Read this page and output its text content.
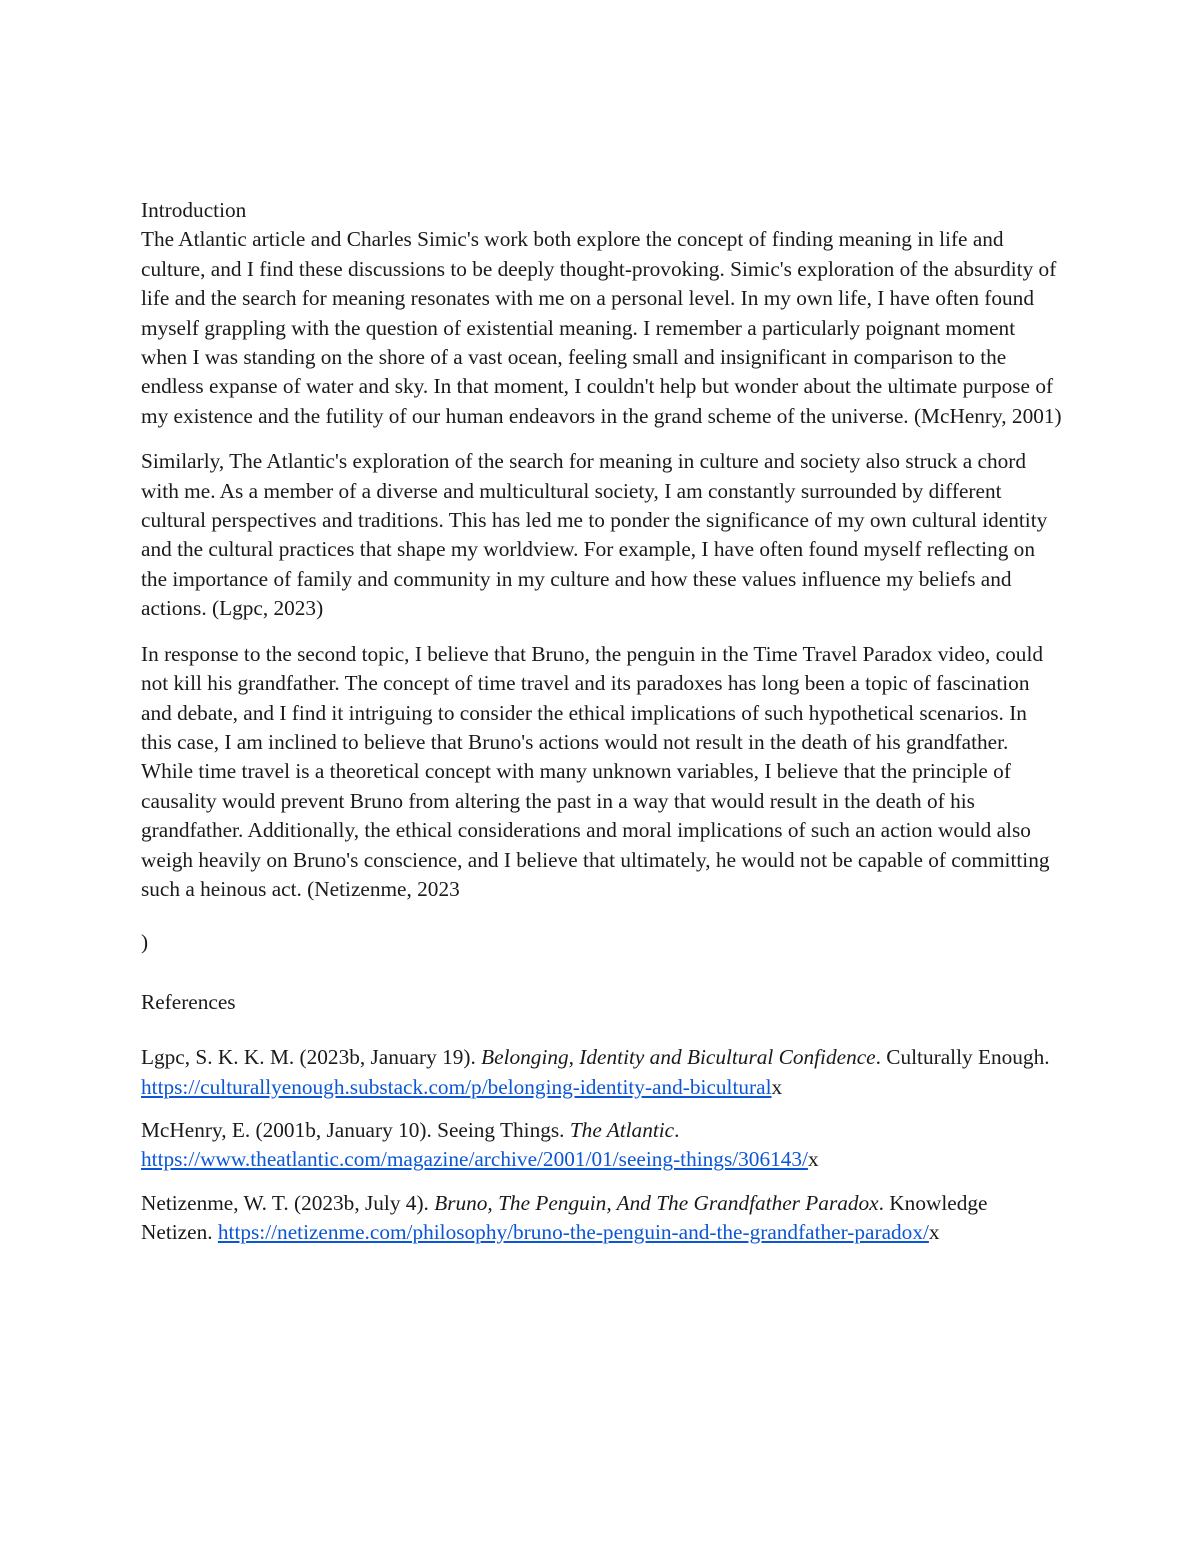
Introduction

The Atlantic article and Charles Simic's work both explore the concept of finding meaning in life and culture, and I find these discussions to be deeply thought-provoking. Simic's exploration of the absurdity of life and the search for meaning resonates with me on a personal level. In my own life, I have often found myself grappling with the question of existential meaning. I remember a particularly poignant moment when I was standing on the shore of a vast ocean, feeling small and insignificant in comparison to the endless expanse of water and sky. In that moment, I couldn't help but wonder about the ultimate purpose of my existence and the futility of our human endeavors in the grand scheme of the universe. (McHenry, 2001)

Similarly, The Atlantic's exploration of the search for meaning in culture and society also struck a chord with me. As a member of a diverse and multicultural society, I am constantly surrounded by different cultural perspectives and traditions. This has led me to ponder the significance of my own cultural identity and the cultural practices that shape my worldview. For example, I have often found myself reflecting on the importance of family and community in my culture and how these values influence my beliefs and actions. (Lgpc, 2023)

In response to the second topic, I believe that Bruno, the penguin in the Time Travel Paradox video, could not kill his grandfather. The concept of time travel and its paradoxes has long been a topic of fascination and debate, and I find it intriguing to consider the ethical implications of such hypothetical scenarios. In this case, I am inclined to believe that Bruno's actions would not result in the death of his grandfather. While time travel is a theoretical concept with many unknown variables, I believe that the principle of causality would prevent Bruno from altering the past in a way that would result in the death of his grandfather. Additionally, the ethical considerations and moral implications of such an action would also weigh heavily on Bruno's conscience, and I believe that ultimately, he would not be capable of committing such a heinous act. (Netizenme, 2023

)

References

Lgpc, S. K. K. M. (2023b, January 19). Belonging, Identity and Bicultural Confidence. Culturally Enough. https://culturallyenough.substack.com/p/belonging-identity-and-biculturalx

McHenry, E. (2001b, January 10). Seeing Things. The Atlantic. https://www.theatlantic.com/magazine/archive/2001/01/seeing-things/306143/x

Netizenme, W. T. (2023b, July 4). Bruno, The Penguin, And The Grandfather Paradox. Knowledge Netizen. https://netizenme.com/philosophy/bruno-the-penguin-and-the-grandfather-paradox/x
